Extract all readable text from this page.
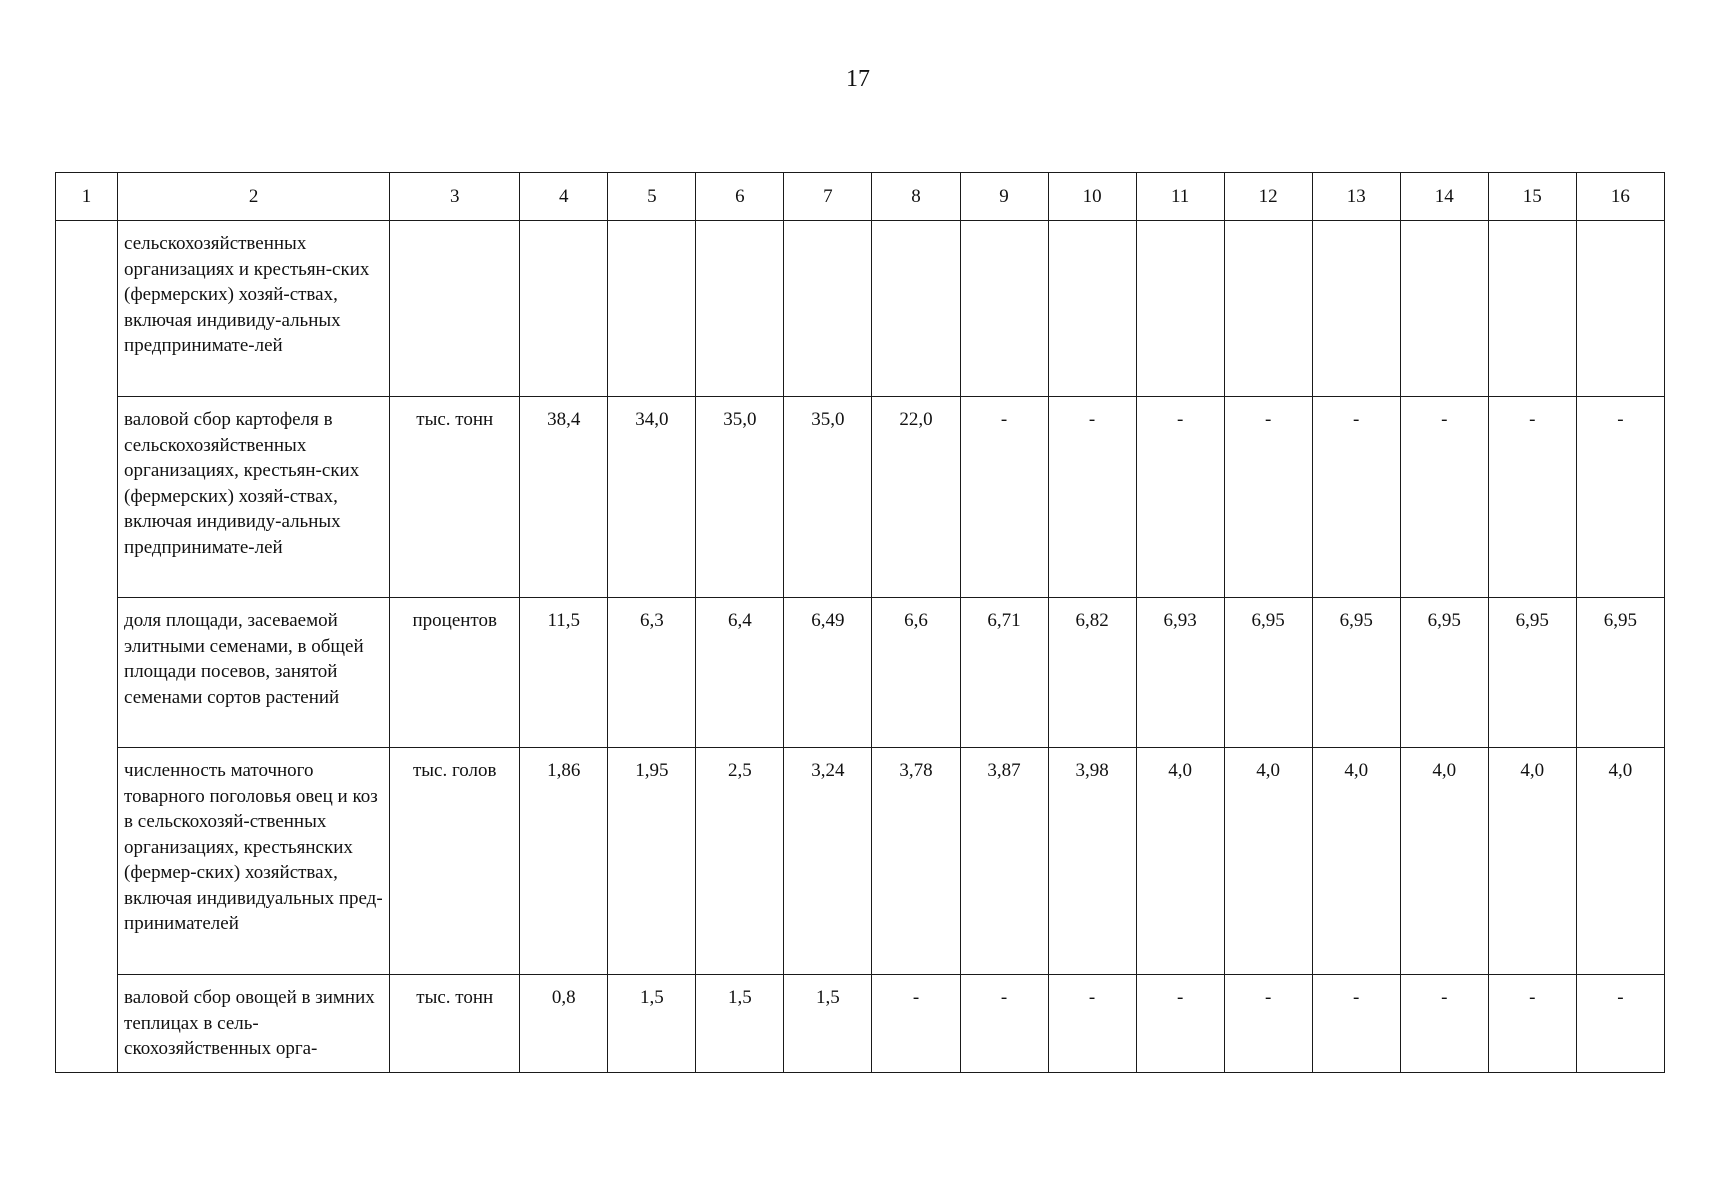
17
1	2	3	4	5	6	7	8	9	10	11	12	13	14	15	16
	сельскохозяйственных организациях и крестьян-ских (фермерских) хозяй-ствах, включая индивиду-альных предпринимате-лей														
	валовой сбор картофеля в сельскохозяйственных организациях, крестьян-ских (фермерских) хозяй-ствах, включая индивиду-альных предпринимате-лей	тыс. тонн	38,4	34,0	35,0	35,0	22,0	-	-	-	-	-	-	-	-
	доля площади, засеваемой элитными семенами, в общей площади посевов, занятой семенами сортов растений	процентов	11,5	6,3	6,4	6,49	6,6	6,71	6,82	6,93	6,95	6,95	6,95	6,95	6,95
	численность маточного товарного поголовья овец и коз в сельскохозяй-ственных организациях, крестьянских (фермер-ских) хозяйствах, включая индивидуальных пред-принимателей	тыс. голов	1,86	1,95	2,5	3,24	3,78	3,87	3,98	4,0	4,0	4,0	4,0	4,0	4,0
	валовой сбор овощей в зимних теплицах в сель-скохозяйственных орга-	тыс. тонн	0,8	1,5	1,5	1,5	-	-	-	-	-	-	-	-	-
